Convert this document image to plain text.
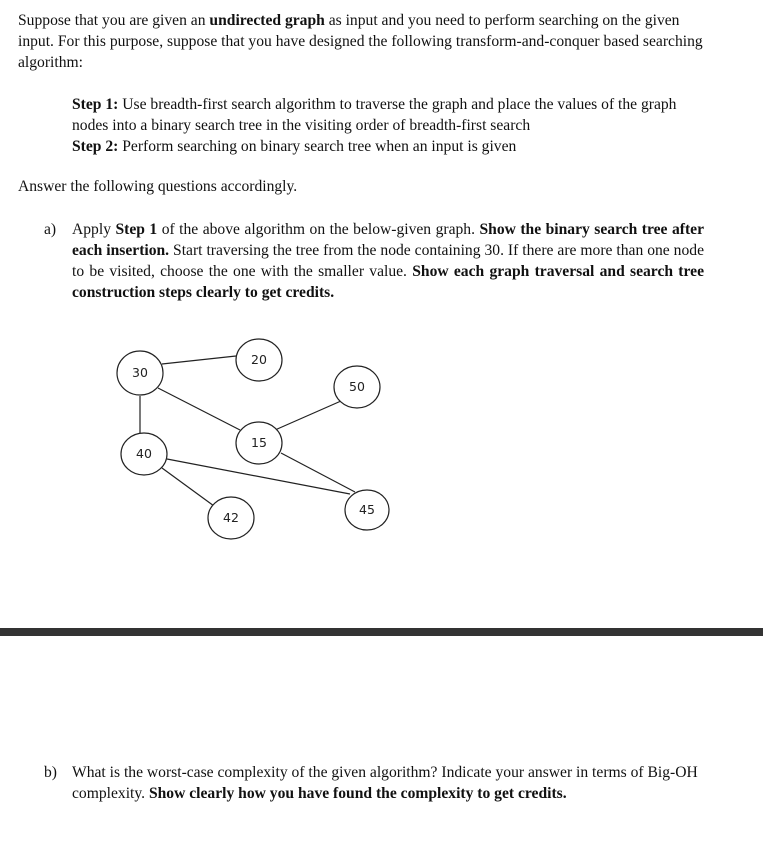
Suppose that you are given an undirected graph as input and you need to perform searching on the given input. For this purpose, suppose that you have designed the following transform-and-conquer based searching algorithm:
Step 1: Use breadth-first search algorithm to traverse the graph and place the values of the graph nodes into a binary search tree in the visiting order of breadth-first search
Step 2: Perform searching on binary search tree when an input is given
Answer the following questions accordingly.
a) Apply Step 1 of the above algorithm on the below-given graph. Show the binary search tree after each insertion. Start traversing the tree from the node containing 30. If there are more than one node to be visited, choose the one with the smaller value. Show each graph traversal and search tree construction steps clearly to get credits.
30
20
50
15
40
42
45
b) What is the worst-case complexity of the given algorithm? Indicate your answer in terms of Big-OH complexity. Show clearly how you have found the complexity to get credits.
